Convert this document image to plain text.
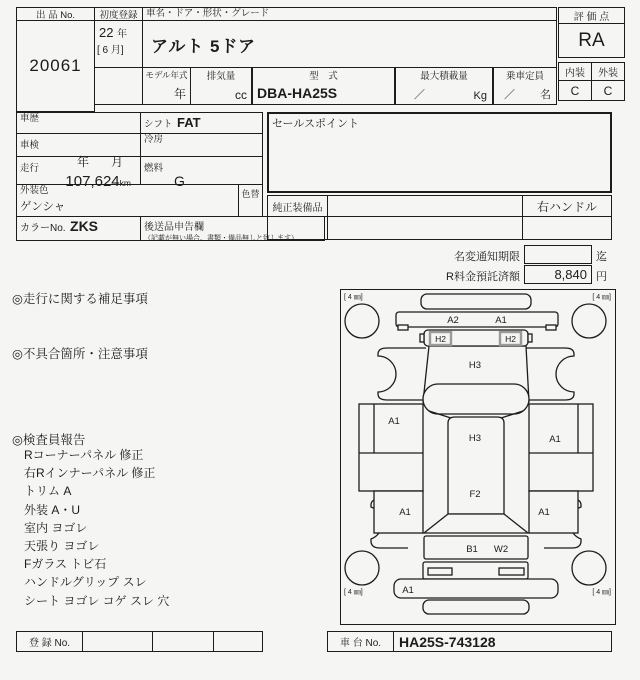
出 品 No.
20061
初度登録
22 年
[ 6 月]
車名・ドア・形状・グレード
アルト 5ドア
モデル年式
年
排気量
cc
型　式
DBA-HA25S
最大積載量
／	Kg
乗車定員
／ 名
評 価 点
RA
内装	外装
C	C
車歴
シフト FAT
車検
年 月
冷房
走行
107,624km
燃料
G
外装色
ゲンシャ
色替
カラーNo. ZKS	後送品申告欄
（記載が無い場合、書類・備品無しと致します）
セールスポイント
純正装備品	右ハンドル
名変通知期限	迄
R料金預託済額	8,840 円
◎走行に関する補足事項
◎不具合箇所・注意事項
◎検査員報告
Rコーナーパネル 修正
右Rインナーパネル 修正
トリム A
外装 A・U
室内 ヨゴレ
天張り ヨゴレ
Fガラス トビ石
ハンドルグリップ スレ
シート ヨゴレ コゲ スレ 穴
[ 4 ㎜]	[ 4 ㎜]
[ 4 ㎜]	[ 4 ㎜]
A2	A1
H2	H2
H3
H3
F2
A1
A1
A1	A1
B1 W2
A1
登 録 No.	車 台 No.	HA25S-743128
